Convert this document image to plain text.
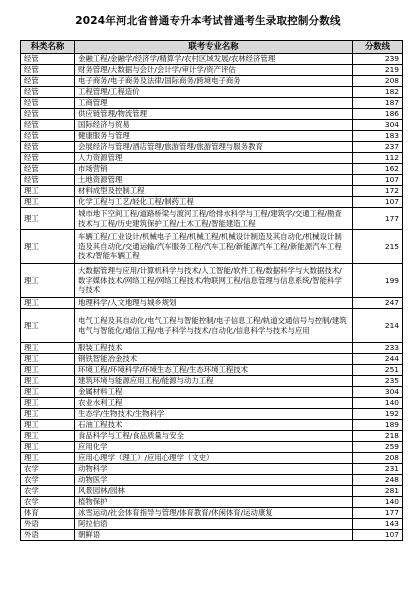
2024年河北省普通专升本考试普通考生录取控制分数线
科类名称	联考专业名称	分数线
经管	金融工程/金融学/经济学/精算学/农村区域发展/农林经济管理	239
经管	财务管理/大数据与会计/会计学/审计学/资产评估	219
经管	电子商务/电子商务及法律/国际商务/跨境电子商务	208
经管	工程管理/工程造价	182
经管	工商管理	187
经管	供应链管理/物流管理	186
经管	国际经济与贸易	304
经管	健康服务与管理	183
经管	会展经济与管理/酒店管理/旅游管理/旅游管理与服务教育	237
经管	人力资源管理	112
经管	市场营销	162
经管	土地资源管理	107
理工	材料成型及控制工程	172
理工	化学工程与工艺/轻化工程/制药工程	107
理工	城市地下空间工程/道路桥梁与渡河工程/给排水科学与工程/建筑学/交通工程/勘查技术与工程/历史建筑保护工程/土木工程/智能建造工程	177
理工	车辆工程/工业设计/机械电子工程/机械工程/机械设计制造及其自动化/机械设计制造及其自动化/交通运输/汽车服务工程/汽车工程/新能源汽车工程/新能源汽车工程技术/智能车辆工程	215
理工	大数据管理与应用/计算机科学与技术/人工智能/软件工程/数据科学与大数据技术/数字媒体技术/网络工程/网络工程技术/物联网工程/信息管理与信息系统/智能科学与技术	199
理工	地理科学/人文地理与城乡规划	247
理工	电气工程及其自动化/电气工程与智能控制/电子信息工程/轨道交通信号与控制/建筑电气与智能化/通信工程/电子科学与技术/自动化/信息科学与技术与应用	214
理工	服装工程技术	233
理工	钢铁智能冶金技术	244
理工	环境工程/环境科学/环境生态工程/生态环境工程技术	251
理工	建筑环境与能源应用工程/能源与动力工程	235
理工	金属材料工程	304
理工	农业水利工程	140
理工	生态学/生物技术/生物科学	192
理工	石油工程技术	189
理工	食品科学与工程/食品质量与安全	218
理工	应用化学	259
理工	应用心理学（理工）/应用心理学（文史）	208
农学	动物科学	231
农学	动物医学	248
农学	风景园林/园林	281
农学	植物保护	140
体育	冰雪运动/社会体育指导与管理/体育教育/休闲体育/运动康复	177
外语	阿拉伯语	143
外语	朝鲜语	107
